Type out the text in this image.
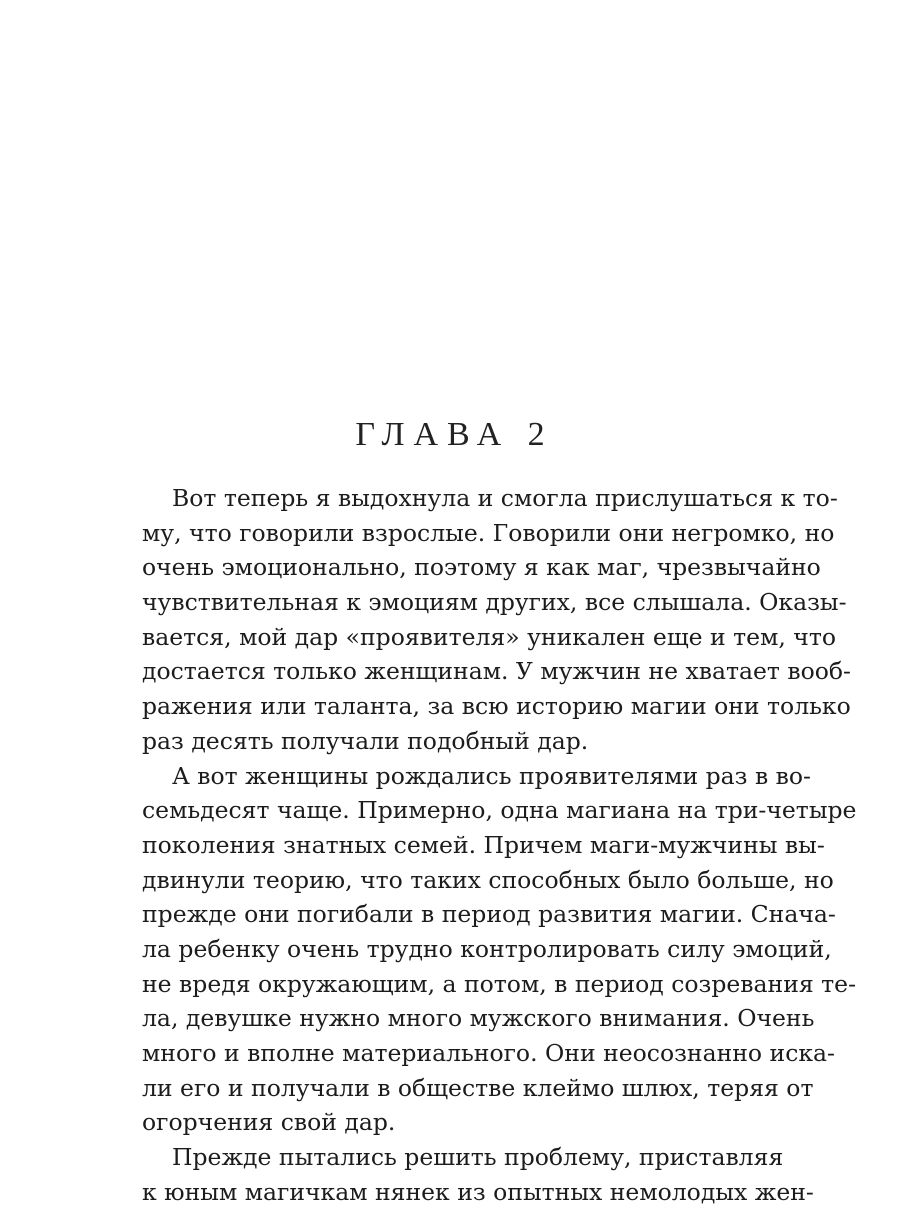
ГЛАВА 2
Вот теперь я выдохнула и смогла прислушаться к то-
му, что говорили взрослые. Говорили они негромко, но
очень эмоционально, поэтому я как маг, чрезвычайно
чувствительная к эмоциям других, все слышала. Оказы-
вается, мой дар «проявителя» уникален еще и тем, что
достается только женщинам. У мужчин не хватает вооб-
ражения или таланта, за всю историю магии они только
раз десять получали подобный дар.
А вот женщины рождались проявителями раз в во-
семьдесят чаще. Примерно, одна магиана на три-четыре
поколения знатных семей. Причем маги-мужчины вы-
двинули теорию, что таких способных было больше, но
прежде они погибали в период развития магии. Снача-
ла ребенку очень трудно контролировать силу эмоций,
не вредя окружающим, а потом, в период созревания те-
ла, девушке нужно много мужского внимания. Очень
много и вполне материального. Они неосознанно иска-
ли его и получали в обществе клеймо шлюх, теряя от
огорчения свой дар.
Прежде пытались решить проблему, приставляя
к юным магичкам нянек из опытных немолодых жен-
